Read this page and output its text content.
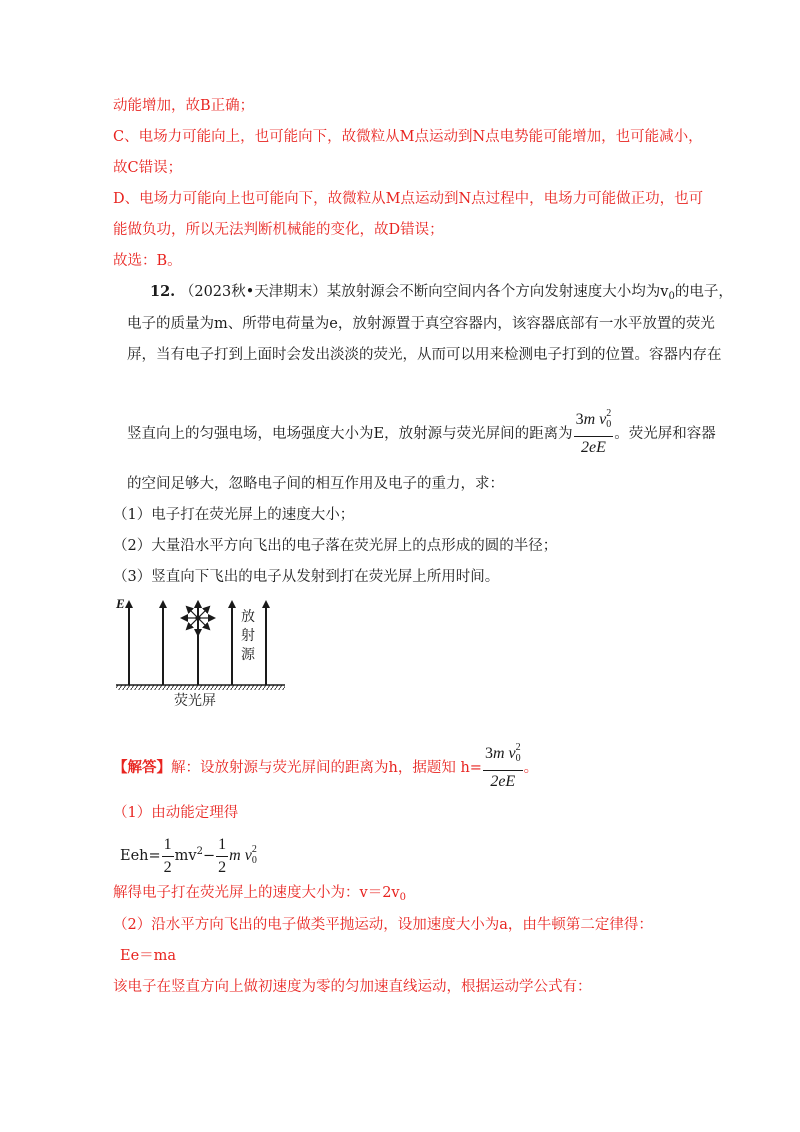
动能增加，故B正确；
C、电场力可能向上，也可能向下，故微粒从M点运动到N点电势能可能增加，也可能减小，
故C错误；
D、电场力可能向上也可能向下，故微粒从M点运动到N点过程中，电场力可能做正功，也可
能做负功，所以无法判断机械能的变化，故D错误；
故选：B。
12. （2023秋•天津期末）某放射源会不断向空间内各个方向发射速度大小均为$v_0$的电子，
电子的质量为m、所带电荷量为e，放射源置于真空容器内，该容器底部有一水平放置的荧光
屏，当有电子打到上面时会发出淡淡的荧光，从而可以用来检测电子打到的位置。容器内存在
竖直向上的匀强电场，电场强度大小为E，放射源与荧光屏间的距离为 $\frac{3m v_0^2}{2eE}$ 。荧光屏和容器
的空间足够大，忽略电子间的相互作用及电子的重力，求：
（1）电子打在荧光屏上的速度大小；
（2）大量沿水平方向飞出的电子落在荧光屏上的点形成的圆的半径；
（3）竖直向下飞出的电子从发射到打在荧光屏上所用时间。
E
放
射
源
荧光屏
【解答】解：设放射源与荧光屏间的距离为h，据题知 $h= \frac{3m v_0^2}{2eE}$ 。
（1）由动能定理得
$Eeh= \frac{1}{2} mv^2- \frac{1}{2}$ m $v_0^2$
解得电子打在荧光屏上的速度大小为：$v=2v_0$
（2）沿水平方向飞出的电子做类平抛运动，设加速度大小为a，由牛顿第二定律得：
Ee＝ma
该电子在竖直方向上做初速度为零的匀加速直线运动，根据运动学公式有：
